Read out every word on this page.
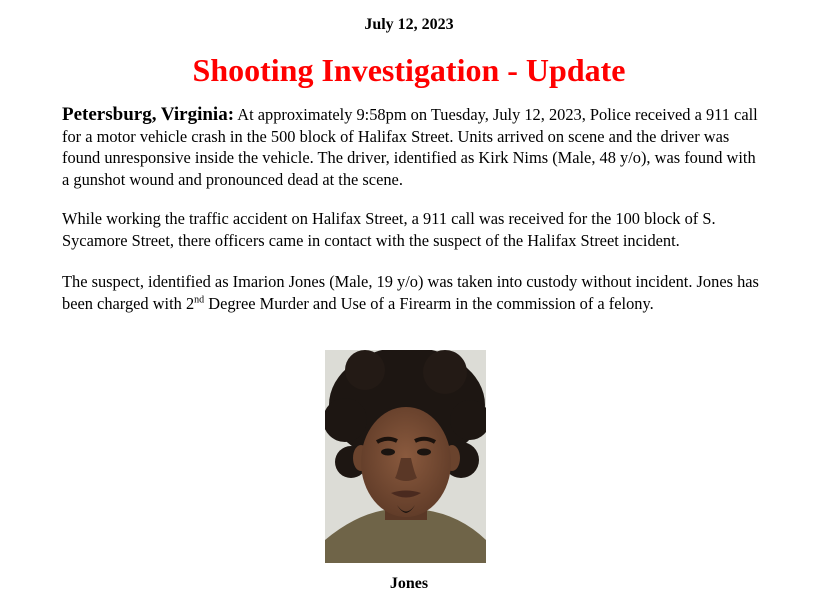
July 12, 2023
Shooting Investigation - Update
Petersburg, Virginia: At approximately 9:58pm on Tuesday, July 12, 2023, Police received a 911 call for a motor vehicle crash in the 500 block of Halifax Street. Units arrived on scene and the driver was found unresponsive inside the vehicle. The driver, identified as Kirk Nims (Male, 48 y/o), was found with a gunshot wound and pronounced dead at the scene.
While working the traffic accident on Halifax Street, a 911 call was received for the 100 block of S. Sycamore Street, there officers came in contact with the suspect of the Halifax Street incident.
The suspect, identified as Imarion Jones (Male, 19 y/o) was taken into custody without incident. Jones has been charged with 2nd Degree Murder and Use of a Firearm in the commission of a felony.
Jones
